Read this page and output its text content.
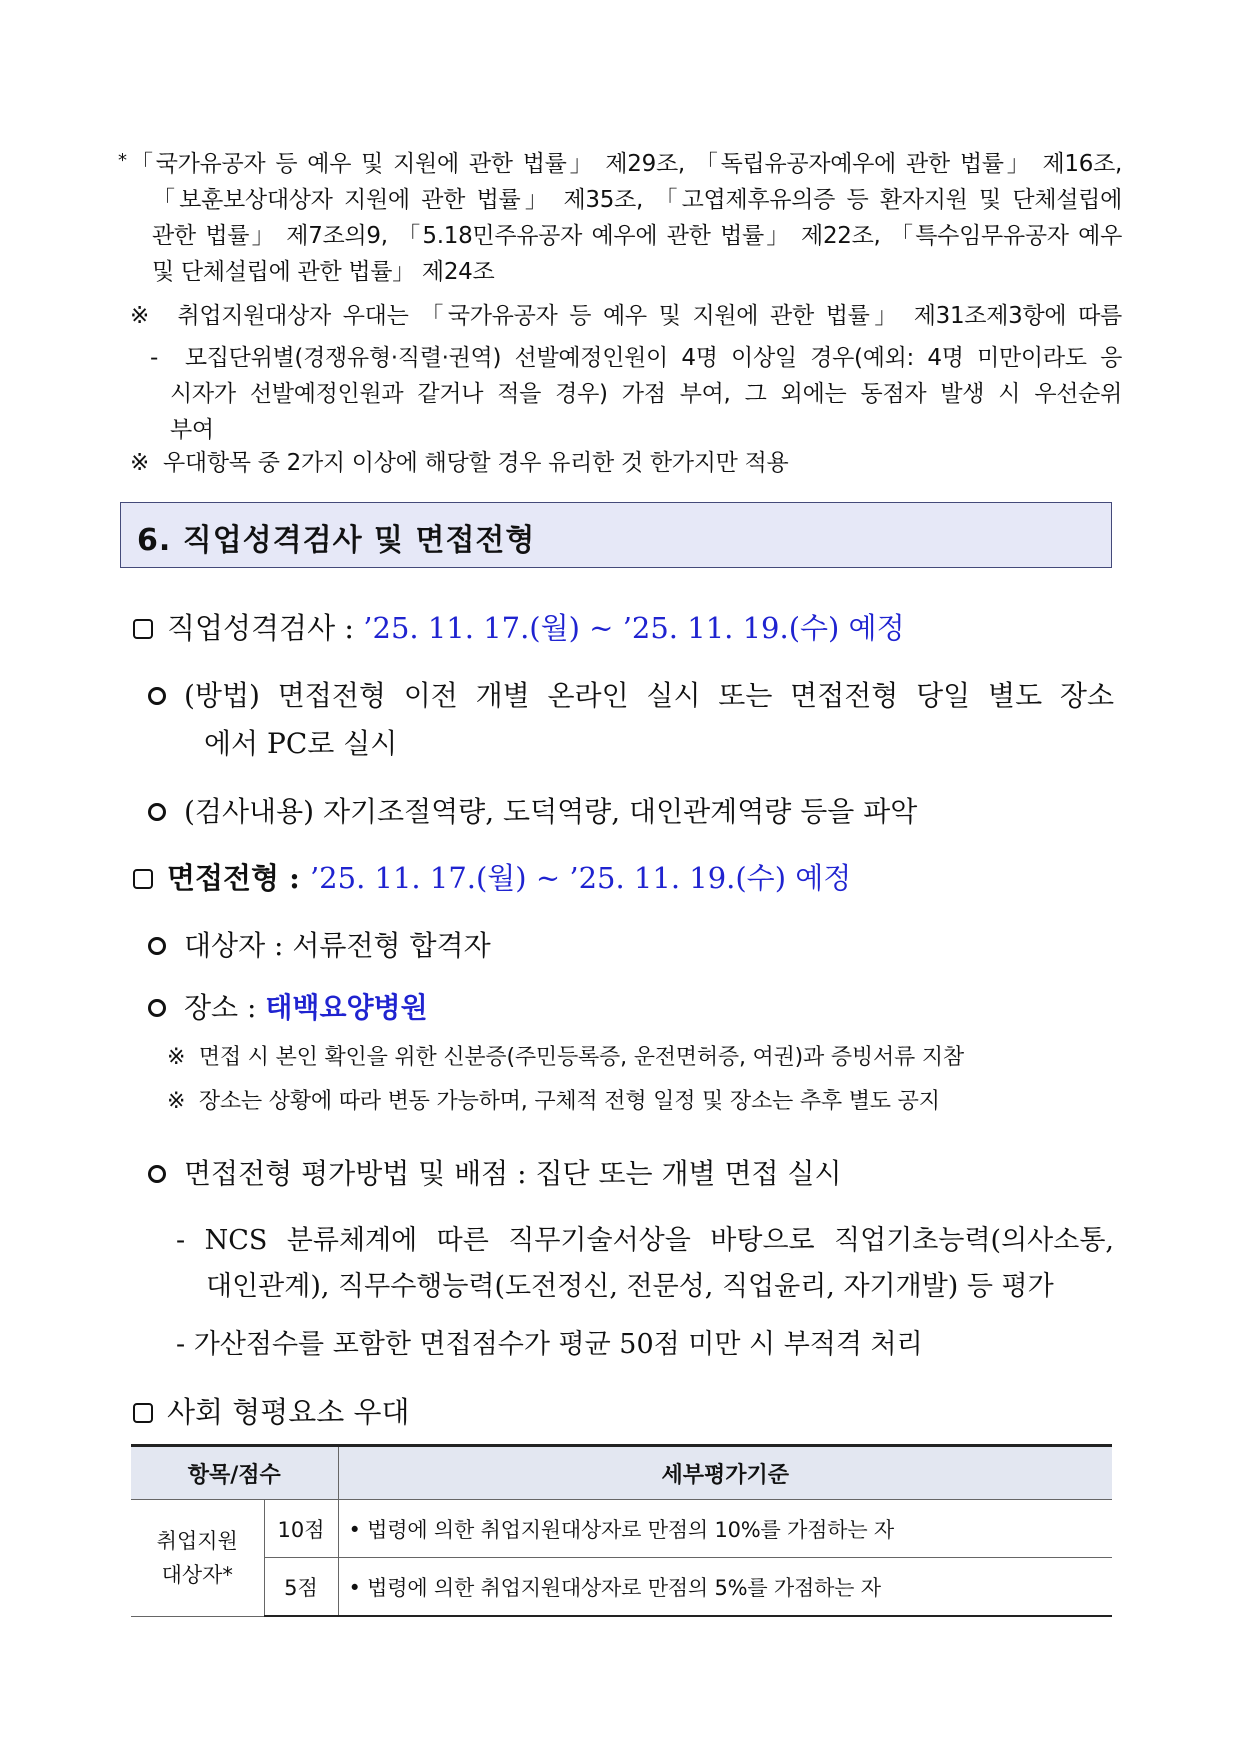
* 「국가유공자 등 예우 및 지원에 관한 법률」 제29조, 「독립유공자예우에 관한 법률」 제16조,
「보훈보상대상자 지원에 관한 법률」 제35조, 「고엽제후유의증 등 환자지원 및 단체설립에
관한 법률」 제7조의9, 「5.18민주유공자 예우에 관한 법률」 제22조, 「특수임무유공자 예우
및 단체설립에 관한 법률」 제24조
※ 취업지원대상자 우대는 「국가유공자 등 예우 및 지원에 관한 법률」 제31조제3항에 따름
- 모집단위별(경쟁유형·직렬·권역) 선발예정인원이 4명 이상일 경우(예외: 4명 미만이라도 응
시자가 선발예정인원과 같거나 적을 경우) 가점 부여, 그 외에는 동점자 발생 시 우선순위
부여
※ 우대항목 중 2가지 이상에 해당할 경우 유리한 것 한가지만 적용
6. 직업성격검사 및 면접전형
직업성격검사 : ’25. 11. 17.(월) ~ ’25. 11. 19.(수) 예정
(방법) 면접전형 이전 개별 온라인 실시 또는 면접전형 당일 별도 장소
에서 PC로 실시
(검사내용) 자기조절역량, 도덕역량, 대인관계역량 등을 파악
면접전형 : ’25. 11. 17.(월) ~ ’25. 11. 19.(수) 예정
대상자 : 서류전형 합격자
장소 : 태백요양병원
※ 면접 시 본인 확인을 위한 신분증(주민등록증, 운전면허증, 여권)과 증빙서류 지참
※ 장소는 상황에 따라 변동 가능하며, 구체적 전형 일정 및 장소는 추후 별도 공지
면접전형 평가방법 및 배점 : 집단 또는 개별 면접 실시
- NCS 분류체계에 따른 직무기술서상을 바탕으로 직업기초능력(의사소통,
대인관계), 직무수행능력(도전정신, 전문성, 직업윤리, 자기개발) 등 평가
- 가산점수를 포함한 면접점수가 평균 50점 미만 시 부적격 처리
사회 형평요소 우대
항목/점수		세부평가기준
취업지원
대상자*	10점	• 법령에 의한 취업지원대상자로 만점의 10%를 가점하는 자
	5점	• 법령에 의한 취업지원대상자로 만점의 5%를 가점하는 자
